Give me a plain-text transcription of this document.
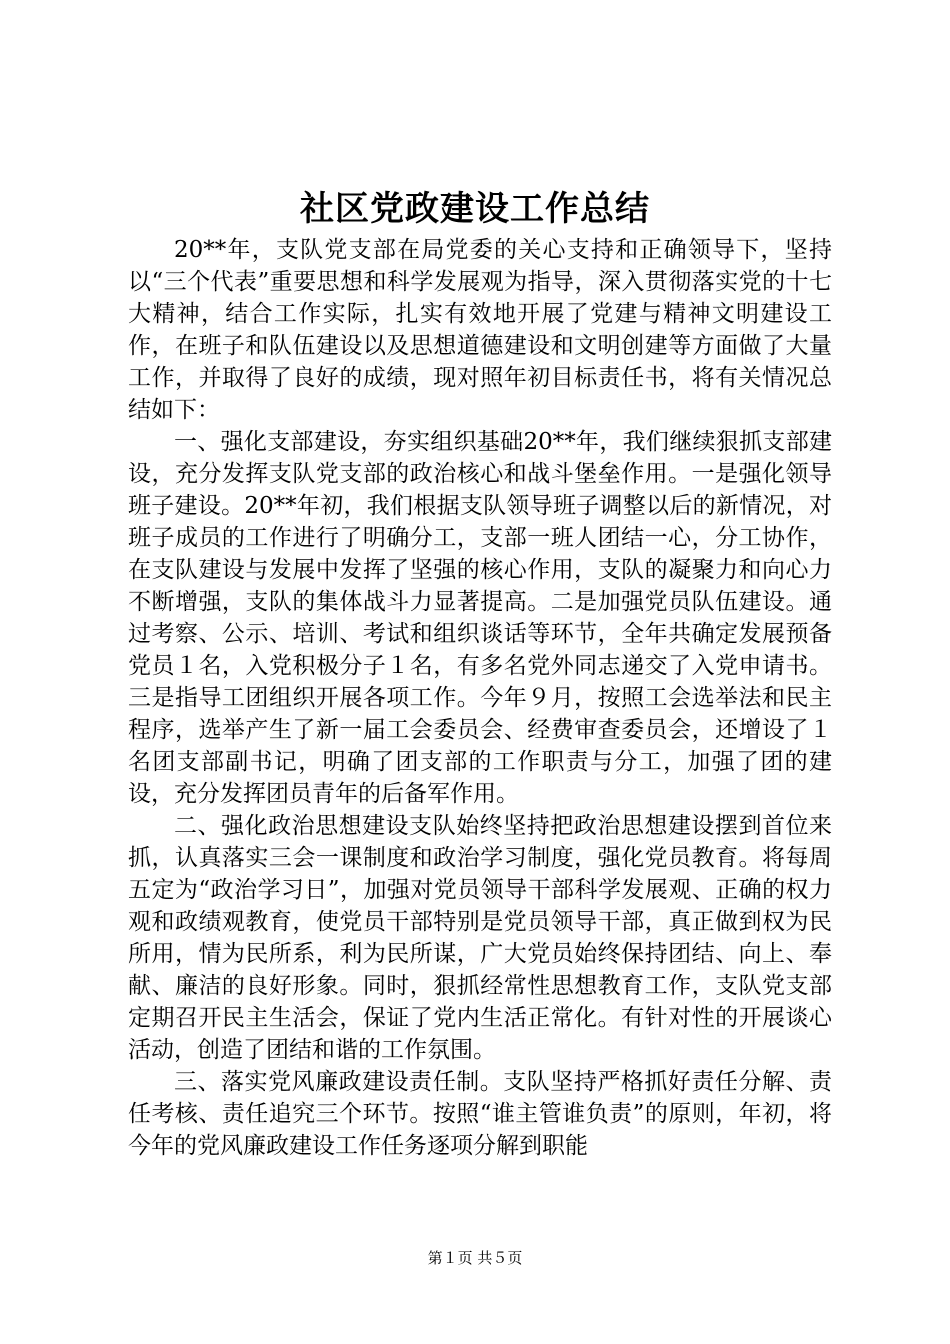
社区党政建设工作总结

20**年，支队党支部在局党委的关心支持和正确领导下，坚持以“三个代表”重要思想和科学发展观为指导，深入贯彻落实党的十七大精神，结合工作实际，扎实有效地开展了党建与精神文明建设工作，在班子和队伍建设以及思想道德建设和文明创建等方面做了大量工作，并取得了良好的成绩，现对照年初目标责任书，将有关情况总结如下：

一、强化支部建设，夯实组织基础20**年，我们继续狠抓支部建设，充分发挥支队党支部的政治核心和战斗堡垒作用。一是强化领导班子建设。20**年初，我们根据支队领导班子调整以后的新情况，对班子成员的工作进行了明确分工，支部一班人团结一心，分工协作，在支队建设与发展中发挥了坚强的核心作用，支队的凝聚力和向心力不断增强，支队的集体战斗力显著提高。二是加强党员队伍建设。通过考察、公示、培训、考试和组织谈话等环节，全年共确定发展预备党员１名，入党积极分子１名，有多名党外同志递交了入党申请书。三是指导工团组织开展各项工作。今年９月，按照工会选举法和民主程序，选举产生了新一届工会委员会、经费审查委员会，还增设了１名团支部副书记，明确了团支部的工作职责与分工，加强了团的建设，充分发挥团员青年的后备军作用。

二、强化政治思想建设支队始终坚持把政治思想建设摆到首位来抓，认真落实三会一课制度和政治学习制度，强化党员教育。将每周五定为“政治学习日”，加强对党员领导干部科学发展观、正确的权力观和政绩观教育，使党员干部特别是党员领导干部，真正做到权为民所用，情为民所系，利为民所谋，广大党员始终保持团结、向上、奉献、廉洁的良好形象。同时，狠抓经常性思想教育工作，支队党支部定期召开民主生活会，保证了党内生活正常化。有针对性的开展谈心活动，创造了团结和谐的工作氛围。

三、落实党风廉政建设责任制。支队坚持严格抓好责任分解、责任考核、责任追究三个环节。按照“谁主管谁负责”的原则，年初，将今年的党风廉政建设工作任务逐项分解到职能

第１页 共５页
